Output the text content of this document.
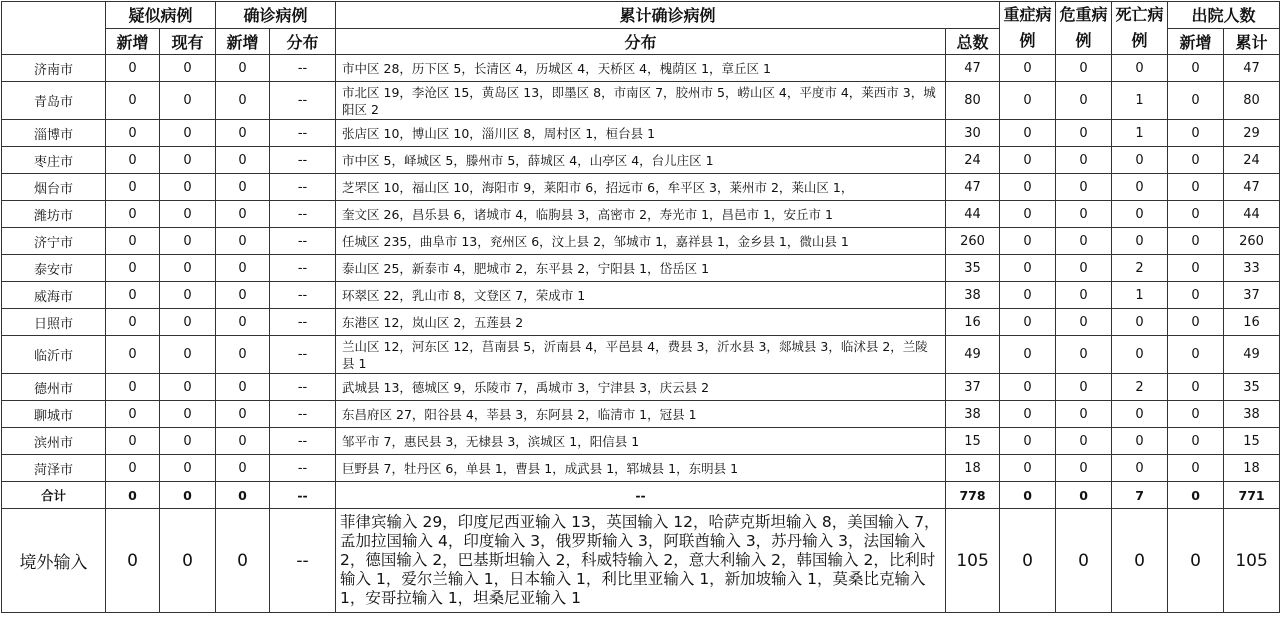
	疑似病例		确诊病例		累计确诊病例		重症病例	危重病例	死亡病例	出院人数	
	新增	现有	新增	分布	分布	总数				新增	累计
济南市	0	0	0	--	市中区 28，历下区 5，长清区 4，历城区 4，天桥区 4，槐荫区 1，章丘区 1	47	0	0	0	0	47
青岛市	0	0	0	--	市北区 19，李沧区 15，黄岛区 13，即墨区 8，市南区 7，胶州市 5，崂山区 4，平度市 4，莱西市 3，城阳区 2	80	0	0	1	0	80
淄博市	0	0	0	--	张店区 10，博山区 10，淄川区 8，周村区 1，桓台县 1	30	0	0	1	0	29
枣庄市	0	0	0	--	市中区 5，峄城区 5，滕州市 5，薛城区 4，山亭区 4，台儿庄区 1	24	0	0	0	0	24
烟台市	0	0	0	--	芝罘区 10，福山区 10，海阳市 9，莱阳市 6，招远市 6，牟平区 3，莱州市 2，莱山区 1，	47	0	0	0	0	47
潍坊市	0	0	0	--	奎文区 26，昌乐县 6，诸城市 4，临朐县 3，高密市 2，寿光市 1，昌邑市 1，安丘市 1	44	0	0	0	0	44
济宁市	0	0	0	--	任城区 235，曲阜市 13，兖州区 6，汶上县 2，邹城市 1，嘉祥县 1，金乡县 1，微山县 1	260	0	0	0	0	260
泰安市	0	0	0	--	泰山区 25，新泰市 4，肥城市 2，东平县 2，宁阳县 1，岱岳区 1	35	0	0	2	0	33
威海市	0	0	0	--	环翠区 22，乳山市 8，文登区 7，荣成市 1	38	0	0	1	0	37
日照市	0	0	0	--	东港区 12，岚山区 2，五莲县 2	16	0	0	0	0	16
临沂市	0	0	0	--	兰山区 12，河东区 12，莒南县 5，沂南县 4，平邑县 4，费县 3，沂水县 3，郯城县 3，临沭县 2，兰陵县 1	49	0	0	0	0	49
德州市	0	0	0	--	武城县 13，德城区 9，乐陵市 7，禹城市 3，宁津县 3，庆云县 2	37	0	0	2	0	35
聊城市	0	0	0	--	东昌府区 27，阳谷县 4，莘县 3，东阿县 2，临清市 1，冠县 1	38	0	0	0	0	38
滨州市	0	0	0	--	邹平市 7，惠民县 3，无棣县 3，滨城区 1，阳信县 1	15	0	0	0	0	15
菏泽市	0	0	0	--	巨野县 7，牡丹区 6，单县 1，曹县 1，成武县 1，郓城县 1，东明县 1	18	0	0	0	0	18
合计	0	0	0	--	--	778	0	0	7	0	771
境外输入	0	0	0	--	菲律宾输入 29，印度尼西亚输入 13，英国输入 12，哈萨克斯坦输入 8，美国输入 7，孟加拉国输入 4，印度输入 3，俄罗斯输入 3，阿联酋输入 3，苏丹输入 3，法国输入 2，德国输入 2，巴基斯坦输入 2，科威特输入 2，意大利输入 2，韩国输入 2，比利时输入 1，爱尔兰输入 1，日本输入 1，利比里亚输入 1，新加坡输入 1，莫桑比克输入 1，安哥拉输入 1，坦桑尼亚输入 1	105	0	0	0	0	105
